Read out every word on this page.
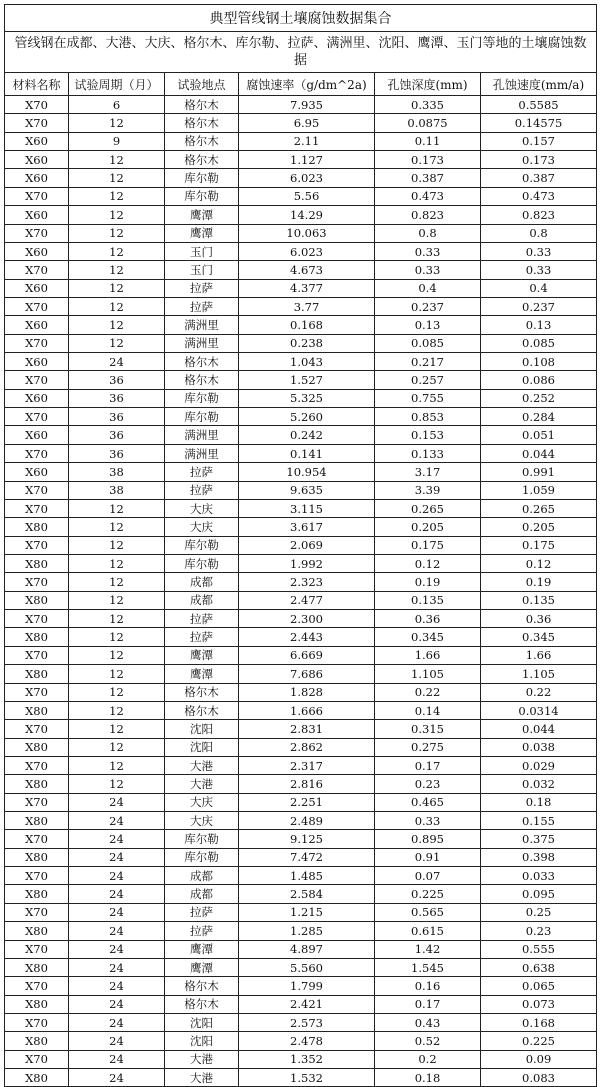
典型管线钢土壤腐蚀数据集合					
管线钢在成都、大港、大庆、格尔木、库尔勒、拉萨、满洲里、沈阳、鹰潭、玉门等地的土壤腐蚀数据					
材料名称	试验周期（月）	试验地点	腐蚀速率（g/dm^2a)	孔蚀深度(mm)	孔蚀速度(mm/a)
X70	6	格尔木	7.935	0.335	0.5585
X70	12	格尔木	6.95	0.0875	0.14575
X60	9	格尔木	2.11	0.11	0.157
X60	12	格尔木	1.127	0.173	0.173
X60	12	库尔勒	6.023	0.387	0.387
X70	12	库尔勒	5.56	0.473	0.473
X60	12	鹰潭	14.29	0.823	0.823
X70	12	鹰潭	10.063	0.8	0.8
X60	12	玉门	6.023	0.33	0.33
X70	12	玉门	4.673	0.33	0.33
X60	12	拉萨	4.377	0.4	0.4
X70	12	拉萨	3.77	0.237	0.237
X60	12	满洲里	0.168	0.13	0.13
X70	12	满洲里	0.238	0.085	0.085
X60	24	格尔木	1.043	0.217	0.108
X70	36	格尔木	1.527	0.257	0.086
X60	36	库尔勒	5.325	0.755	0.252
X70	36	库尔勒	5.260	0.853	0.284
X60	36	满洲里	0.242	0.153	0.051
X70	36	满洲里	0.141	0.133	0.044
X60	38	拉萨	10.954	3.17	0.991
X70	38	拉萨	9.635	3.39	1.059
X70	12	大庆	3.115	0.265	0.265
X80	12	大庆	3.617	0.205	0.205
X70	12	库尔勒	2.069	0.175	0.175
X80	12	库尔勒	1.992	0.12	0.12
X70	12	成都	2.323	0.19	0.19
X80	12	成都	2.477	0.135	0.135
X70	12	拉萨	2.300	0.36	0.36
X80	12	拉萨	2.443	0.345	0.345
X70	12	鹰潭	6.669	1.66	1.66
X80	12	鹰潭	7.686	1.105	1.105
X70	12	格尔木	1.828	0.22	0.22
X80	12	格尔木	1.666	0.14	0.0314
X70	12	沈阳	2.831	0.315	0.044
X80	12	沈阳	2.862	0.275	0.038
X70	12	大港	2.317	0.17	0.029
X80	12	大港	2.816	0.23	0.032
X70	24	大庆	2.251	0.465	0.18
X80	24	大庆	2.489	0.33	0.155
X70	24	库尔勒	9.125	0.895	0.375
X80	24	库尔勒	7.472	0.91	0.398
X70	24	成都	1.485	0.07	0.033
X80	24	成都	2.584	0.225	0.095
X70	24	拉萨	1.215	0.565	0.25
X80	24	拉萨	1.285	0.615	0.23
X70	24	鹰潭	4.897	1.42	0.555
X80	24	鹰潭	5.560	1.545	0.638
X70	24	格尔木	1.799	0.16	0.065
X80	24	格尔木	2.421	0.17	0.073
X70	24	沈阳	2.573	0.43	0.168
X80	24	沈阳	2.478	0.52	0.225
X70	24	大港	1.352	0.2	0.09
X80	24	大港	1.532	0.18	0.083
